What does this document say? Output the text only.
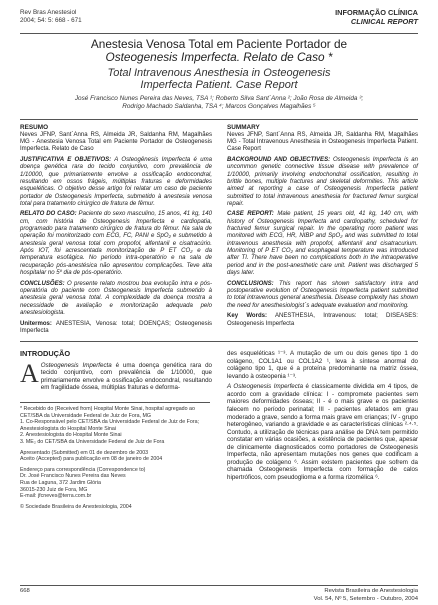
Rev Bras Anestesiol
2004; 54: 5: 668 - 671
INFORMAÇÃO CLÍNICA
CLINICAL REPORT
Anestesia Venosa Total em Paciente Portador de
Osteogenesis Imperfecta. Relato de Caso *
Total Intravenous Anesthesia in Osteogenesis
Imperfecta Patient. Case Report
José Francisco Nunes Pereira das Neves, TSA ¹; Roberto Silva Sant´Anna ²; João Rosa de Almeida ³;
Rodrigo Machado Saldanha, TSA ⁴; Marcos Gonçalves Magalhães ⁵
RESUMO

Neves JFNP, Sant´Anna RS, Almeida JR, Saldanha RM, Magalhães MG - Anestesia Venosa Total em Paciente Portador de Osteogenesis Imperfecta. Relato de Caso

JUSTIFICATIVA E OBJETIVOS: A Osteogênesis Imperfecta é uma doença genética rara do tecido conjuntivo, com prevalência de 1/10000, que primariamente envolve a ossificação endocondral, resultando em ossos frágeis, múltiplas fraturas e deformidades esqueléticas. O objetivo desse artigo foi relatar um caso de paciente portador de Osteogenesis Imperfecta, submetido à anestesia venosa total para tratamento cirúrgico de fratura de fêmur.

RELATO DO CASO: Paciente do sexo masculino, 15 anos, 41 kg, 140 cm, com história de Osteogenesis Imperfecta e cardiopatia, programado para tratamento cirúrgico de fratura do fêmur. Na sala de operação foi monitorizado com ECG, FC, PANI e SpO₂ e submetido à anestesia geral venosa total com propofol, alfentanil e cisatracúrio. Após IOT, foi acrescentada monitorização de P ET CO₂ e da temperatura esofágica. No período intra-operatório e na sala de recuperação pós-anestésica não apresentou complicações. Teve alta hospitalar no 5º dia de pós-operatório.

CONCLUSÕES: O presente relato mostrou boa evolução intra e pós-operatória do paciente com Osteogenesis Imperfecta submetido à anestesia geral venosa total. A complexidade da doença mostra a necessidade de avaliação e monitorização adequada pelo anestesiologista.

Unitermos: ANESTESIA, Venosa: total; DOENÇAS; Osteogenesis Imperfecta

SUMMARY

Neves JFNP, Sant´Anna RS, Almeida JR, Saldanha RM, Magalhães MG - Total Intravenous Anesthesia in Osteogenesis Imperfecta Patient. Case Report

BACKGROUND AND OBJECTIVES: Osteogenesis Imperfecta is an uncommon genetic connective tissue disease with prevalence of 1/10000, primarily involving endochondral ossification, resulting in brittle bones, multiple fractures and skeletal deformities. This article aimed at reporting a case of Osteogenesis Imperfecta patient submitted to total intravenous anesthesia for fractured femur surgical repair.

CASE REPORT: Male patient, 15 years old, 41 kg, 140 cm, with history of Osteogenesis Imperfecta and cardiopathy, scheduled for fractured femur surgical repair. In the operating room patient was monitored with ECG, HR, NIBP and SpO₂ and was submitted to total intravenous anesthesia with propofol, alfentanil and cisatracurium. Monitoring of P ET CO₂ and esophageal temperature was introduced after TI. There have been no complications both in the intraoperative period and in the post-anesthetic care unit. Patient was discharged 5 days later.

CONCLUSIONS: This report has shown satisfactory intra and postoperative evolution of Osteogenesis Imperfecta patient submitted to total intravenous general anesthesia. Disease complexity has shown the need for anesthesiologist´s adequate evaluation and monitoring.

Key Words: ANESTHESIA, Intravenous: total; DISEASES: Osteogenesis Imperfecta

INTRODUÇÃO

A Osteogenesis Imperfecta é uma doença genética rara do tecido conjuntivo, com prevalência de 1/10000, que primariamente envolve a ossificação endocondral, resultando em fragilidade óssea, múltiplas fraturas e deforma-

* Recebido do (Received from) Hospital Monte Sinai, hospital agregado ao CET/SBA da Universidade Federal de Juiz de Fora, MG
1. Co-Responsável pelo CET/SBA da Universidade Federal de Juiz de Fora; Anestesiologista do Hospital Monte Sinai
2. Anestesiologista do Hospital Monte Sinai
3. ME₂ do CET/SBA da Universidade Federal de Juiz de Fora
Apresentado (Submitted) em 01 de dezembro de 2003
Aceito (Accepted) para publicação em 08 de janeiro de 2004
Endereço para correspondência (Correspondence to)
Dr. José Francisco Nunes Pereira das Neves
Rua de Laguna, 372 Jardim Glória
36015-230 Juiz de Fora, MG
E-mail: jfcneves@terra.com.br
© Sociedade Brasileira de Anestesiologia, 2004

des esqueléticas ¹⁻³. A mutação de um ou dois genes tipo 1 do colágeno, COL1A1 ou COL1A2 ¹, leva à síntese anormal do colágeno tipo 1, que é a proteína predominante na matriz óssea, levando à osteopenia ¹⁻³.

A Osteogenesis Imperfecta é classicamente dividida em 4 tipos, de acordo com a gravidade clínica: I - compromete pacientes sem maiores deformidades ósseas; II - é o mais grave e os pacientes falecem no período perinatal; III - pacientes afetados em grau moderado a grave, sendo a forma mais grave em crianças; IV - grupo heterogêneo, variando a gravidade e as características clínicas ²·⁴·⁵. Contudo, a utilização de técnicas para análise de DNA tem permitido constatar em várias ocasiões, a existência de pacientes que, apesar de clinicamente diagnosticados como portadores de Osteogenesis Imperfecta, não apresentam mutações nos genes que codificam a produção de colágeno ⁶. Assim existem pacientes que sofrem da chamada Osteogenesis Imperfecta com formação de calos hipertróficos, com pseudoglioma e a forma rizomélica ⁶.

668	Revista Brasileira de Anestesiologia
Vol. 54, Nº 5, Setembro - Outubro, 2004
